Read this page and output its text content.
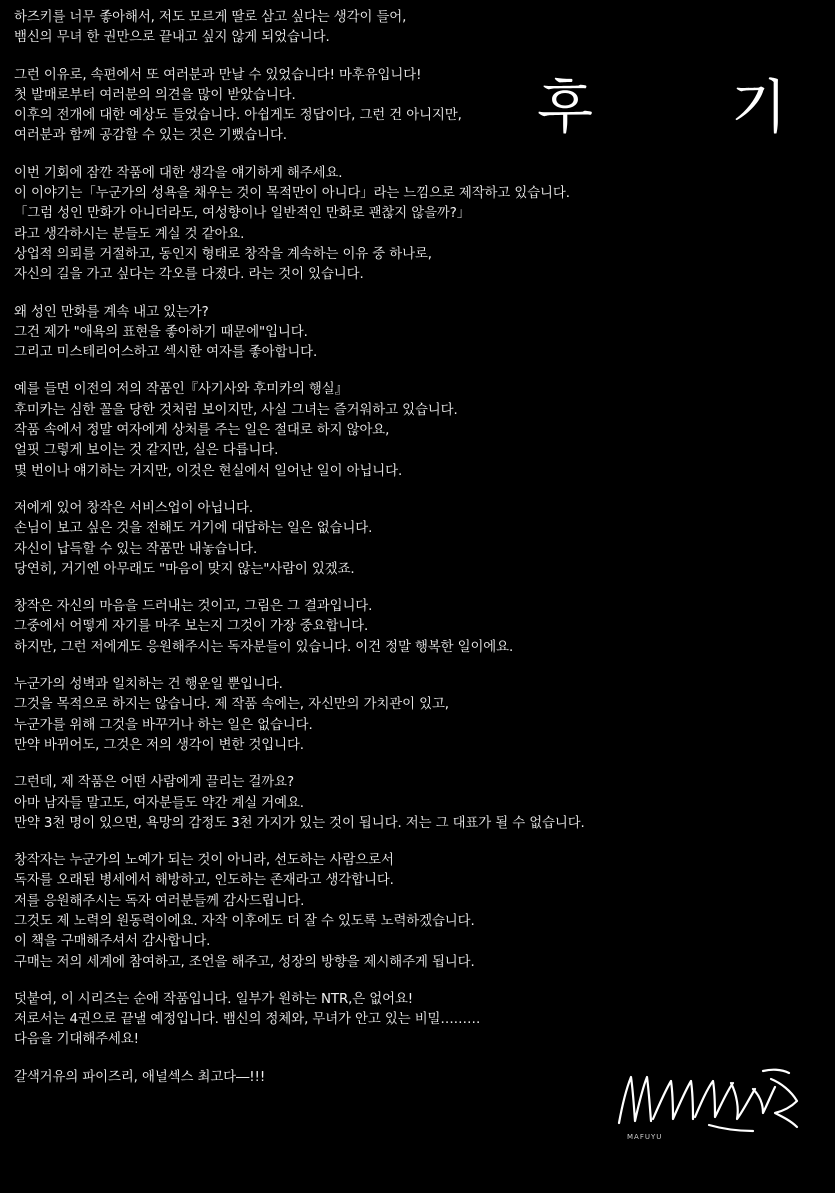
후 기
하즈키를 너무 좋아해서, 저도 모르게 딸로 삼고 싶다는 생각이 들어,
뱀신의 무녀 한 권만으로 끝내고 싶지 않게 되었습니다.
그런 이유로, 속편에서 또 여러분과 만날 수 있었습니다! 마후유입니다!
첫 발매로부터 여러분의 의견을 많이 받았습니다.
이후의 전개에 대한 예상도 들었습니다. 아쉽게도 정답이다, 그런 건 아니지만,
여러분과 함께 공감할 수 있는 것은 기뻤습니다.
이번 기회에 잠깐 작품에 대한 생각을 얘기하게 해주세요.
이 이야기는「누군가의 성욕을 채우는 것이 목적만이 아니다」라는 느낌으로 제작하고 있습니다.
「그럼 성인 만화가 아니더라도, 여성향이나 일반적인 만화로 괜찮지 않을까?」
라고 생각하시는 분들도 계실 것 같아요.
상업적 의뢰를 거절하고, 동인지 형태로 창작을 계속하는 이유 중 하나로,
자신의 길을 가고 싶다는 각오를 다졌다. 라는 것이 있습니다.
왜 성인 만화를 계속 내고 있는가?
그건 제가 "애욕의 표현을 좋아하기 때문에"입니다.
그리고 미스테리어스하고 섹시한 여자를 좋아합니다.
예를 들면 이전의 저의 작품인『사기사와 후미카의 행실』
후미카는 심한 꼴을 당한 것처럼 보이지만, 사실 그녀는 즐거워하고 있습니다.
작품 속에서 정말 여자에게 상처를 주는 일은 절대로 하지 않아요,
얼핏 그렇게 보이는 것 같지만, 실은 다릅니다.
몇 번이나 얘기하는 거지만, 이것은 현실에서 일어난 일이 아닙니다.
저에게 있어 창작은 서비스업이 아닙니다.
손님이 보고 싶은 것을 전해도 거기에 대답하는 일은 없습니다.
자신이 납득할 수 있는 작품만 내놓습니다.
당연히, 거기엔 아무래도 "마음이 맞지 않는"사람이 있겠죠.
창작은 자신의 마음을 드러내는 것이고, 그림은 그 결과입니다.
그중에서 어떻게 자기를 마주 보는지 그것이 가장 중요합니다.
하지만, 그런 저에게도 응원해주시는 독자분들이 있습니다. 이건 정말 행복한 일이에요.
누군가의 성벽과 일치하는 건 행운일 뿐입니다.
그것을 목적으로 하지는 않습니다. 제 작품 속에는, 자신만의 가치관이 있고,
누군가를 위해 그것을 바꾸거나 하는 일은 없습니다.
만약 바뀌어도, 그것은 저의 생각이 변한 것입니다.
그런데, 제 작품은 어떤 사람에게 끌리는 걸까요?
아마 남자들 말고도, 여자분들도 약간 계실 거예요.
만약 3천 명이 있으면, 욕망의 감정도 3천 가지가 있는 것이 됩니다. 저는 그 대표가 될 수 없습니다.
창작자는 누군가의 노예가 되는 것이 아니라, 선도하는 사람으로서
독자를 오래된 병세에서 해방하고, 인도하는 존재라고 생각합니다.
저를 응원해주시는 독자 여러분들께 감사드립니다.
그것도 제 노력의 원동력이에요. 자작 이후에도 더 잘 수 있도록 노력하겠습니다.
이 책을 구매해주셔서 감사합니다.
구매는 저의 세계에 참여하고, 조언을 해주고, 성장의 방향을 제시해주게 됩니다.
덧붙여, 이 시리즈는 순애 작품입니다. 일부가 원하는 NTR,은 없어요!
저로서는 4권으로 끝낼 예정입니다. 뱀신의 정체와, 무녀가 안고 있는 비밀………
다음을 기대해주세요!
갈색거유의 파이즈리, 애널섹스 최고다―!!!
MAFUYU
